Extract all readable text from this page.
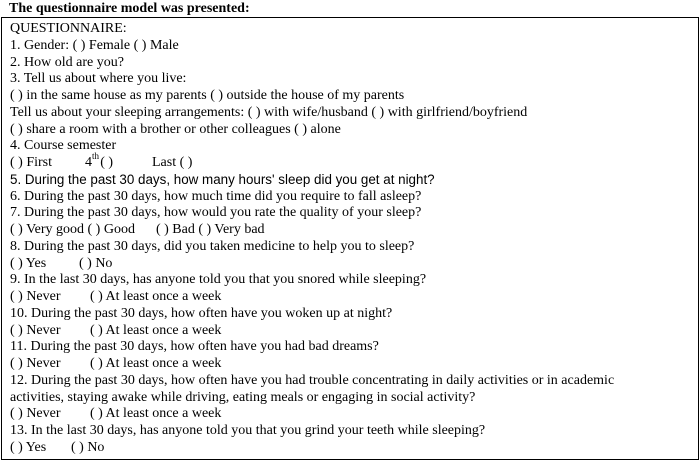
The questionnaire model was presented:
QUESTIONNAIRE:
1. Gender: ( ) Female ( ) Male
2. How old are you?
3. Tell us about where you live:
( ) in the same house as my parents ( ) outside the house of my parents
Tell us about your sleeping arrangements: ( ) with wife/husband ( ) with girlfriend/boyfriend
( ) share a room with a brother or other colleagues ( ) alone
4. Course semester
( ) First 4th ( )	Last ( )
5. During the past 30 days, how many hours' sleep did you get at night?
6. During the past 30 days, how much time did you require to fall asleep?
7. During the past 30 days, how would you rate the quality of your sleep?
( ) Very good ( ) Good      ( ) Bad ( ) Very bad
8. During the past 30 days, did you taken medicine to help you to sleep?
( ) Yes ( ) No
9. In the last 30 days, has anyone told you that you snored while sleeping?
( ) Never ( ) At least once a week
10. During the past 30 days, how often have you woken up at night?
( ) Never ( ) At least once a week
11. During the past 30 days, how often have you had bad dreams?
( ) Never ( ) At least once a week
12. During the past 30 days, how often have you had trouble concentrating in daily activities or in academic
activities, staying awake while driving, eating meals or engaging in social activity?
( ) Never ( ) At least once a week
13. In the last 30 days, has anyone told you that you grind your teeth while sleeping?
( ) Yes ( ) No
